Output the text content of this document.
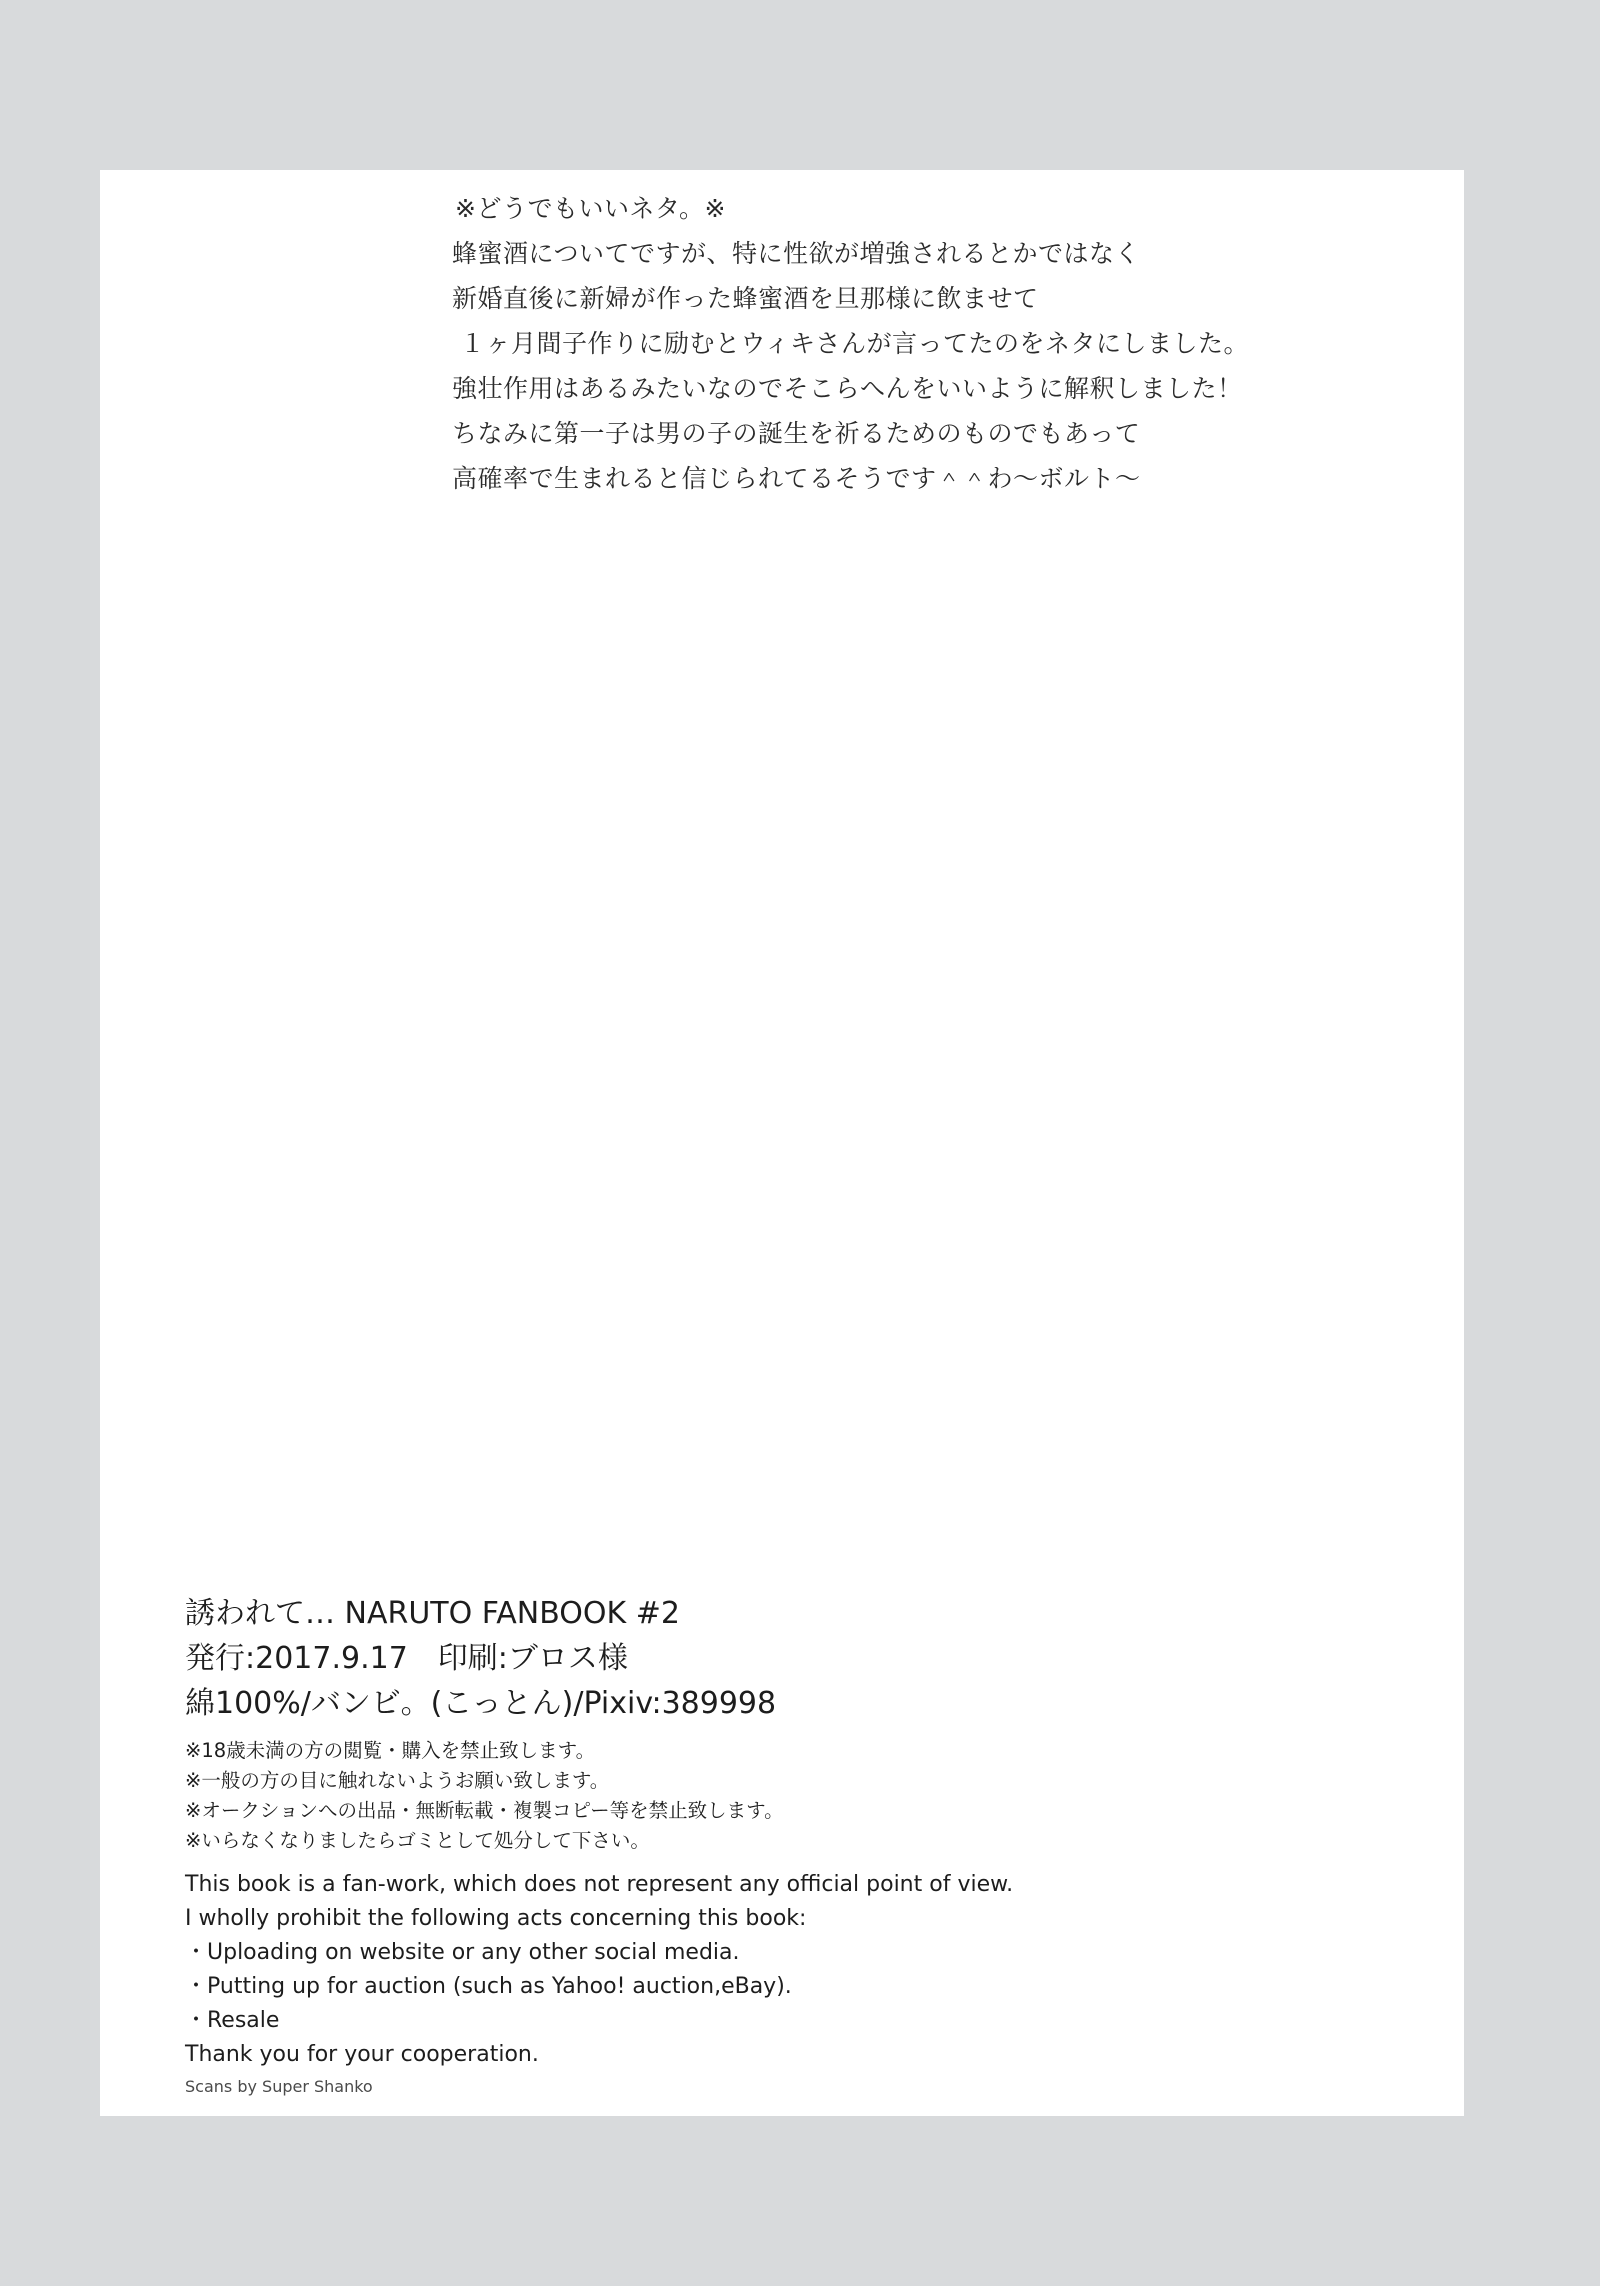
※どうでもいいネタ。※
蜂蜜酒についてですが、特に性欲が増強されるとかではなく
新婚直後に新婦が作った蜂蜜酒を旦那様に飲ませて
１ヶ月間子作りに励むとウィキさんが言ってたのをネタにしました。
強壮作用はあるみたいなのでそこらへんをいいように解釈しました！
ちなみに第一子は男の子の誕生を祈るためのものでもあって
高確率で生まれると信じられてるそうです＾＾わ〜ボルト〜
誘われて… NARUTO FANBOOK #2
発行:2017.9.17　印刷:ブロス様
綿100%/バンビ。(こっとん)/Pixiv:389998
※18歳未満の方の閲覧・購入を禁止致します。
※一般の方の目に触れないようお願い致します。
※オークションへの出品・無断転載・複製コピー等を禁止致します。
※いらなくなりましたらゴミとして処分して下さい。
This book is a fan-work, which does not represent any official point of view.
I wholly prohibit the following acts concerning this book:
・Uploading on website or any other social media.
・Putting up for auction (such as Yahoo! auction,eBay).
・Resale
Thank you for your cooperation.
Scans by Super Shanko
